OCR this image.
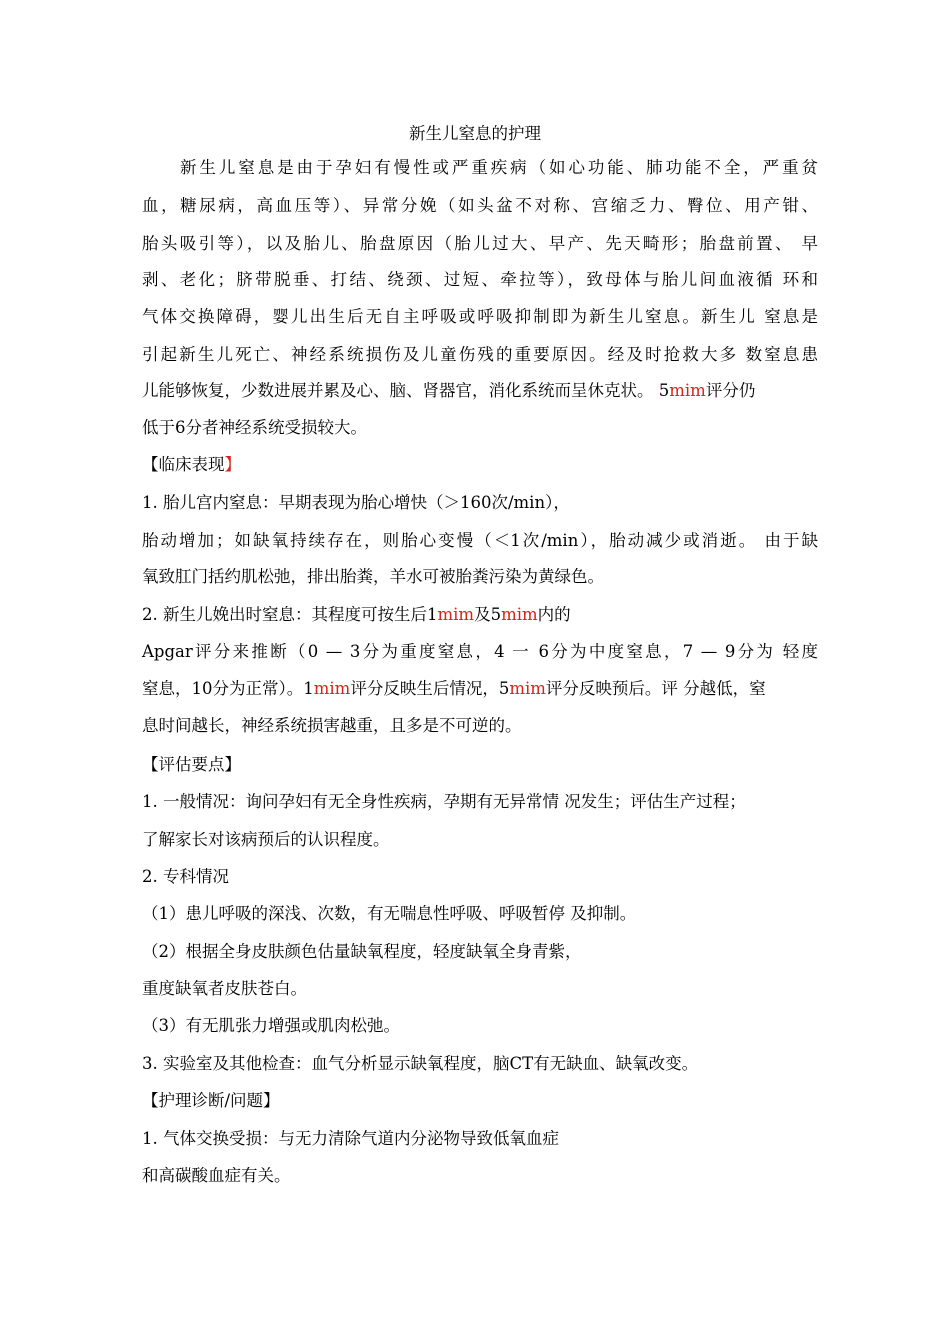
新生儿窒息的护理
新生儿窒息是由于孕妇有慢性或严重疾病（如心功能、肺功能不全，严重贫
血，糖尿病，高血压等）、异常分娩（如头盆不对称、宫缩乏力、臀位、用产钳、
胎头吸引等），以及胎儿、胎盘原因（胎儿过大、早产、先天畸形；胎盘前置、 早
剥、老化；脐带脱垂、打结、绕颈、过短、牵拉等），致母体与胎儿间血液循 环和
气体交换障碍，婴儿出生后无自主呼吸或呼吸抑制即为新生儿窒息。新生儿 窒息是
引起新生儿死亡、神经系统损伤及儿童伤残的重要原因。经及时抢救大多 数窒息患
儿能够恢复，少数进展并累及心、脑、肾器官，消化系统而呈休克状。 5mim评分仍
低于6分者神经系统受损较大。
【临床表现】
1. 胎儿宫内窒息：早期表现为胎心增快（＞160次/min），
胎动增加；如缺氧持续存在，则胎心变慢（＜1次/min），胎动减少或消逝。 由于缺
氧致肛门括约肌松弛，排出胎粪，羊水可被胎粪污染为黄绿色。
2. 新生儿娩出时窒息：其程度可按生后1mim及5mim内的
Apgar评分来推断（0 — 3分为重度窒息，4 一 6分为中度窒息，7 — 9分为 轻度
窒息，10分为正常）。1mim评分反映生后情况，5mim评分反映预后。评 分越低，窒
息时间越长，神经系统损害越重，且多是不可逆的。
【评估要点】
1. 一般情况：询问孕妇有无全身性疾病，孕期有无异常情 况发生；评估生产过程；
了解家长对该病预后的认识程度。
2. 专科情况
（1）患儿呼吸的深浅、次数，有无喘息性呼吸、呼吸暂停 及抑制。
（2）根据全身皮肤颜色估量缺氧程度，轻度缺氧全身青紫，
重度缺氧者皮肤苍白。
（3）有无肌张力增强或肌肉松弛。
3. 实验室及其他检查：血气分析显示缺氧程度，脑CT有无缺血、缺氧改变。
【护理诊断/问题】
1. 气体交换受损：与无力清除气道内分泌物导致低氧血症
和高碳酸血症有关。
